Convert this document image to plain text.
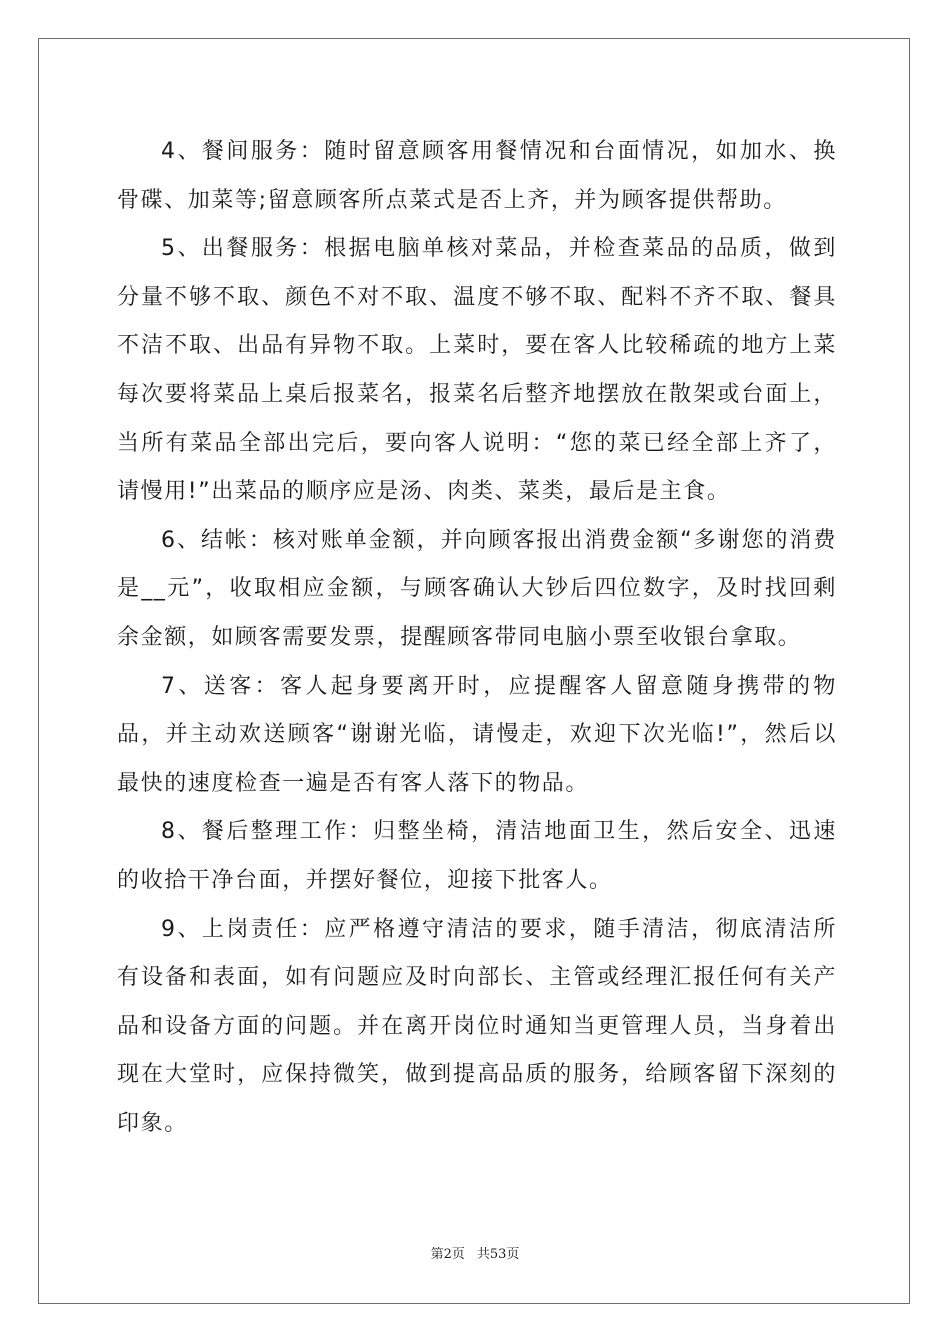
4、餐间服务：随时留意顾客用餐情况和台面情况，如加水、换骨碟、加菜等;留意顾客所点菜式是否上齐，并为顾客提供帮助。

5、出餐服务：根据电脑单核对菜品，并检查菜品的品质，做到分量不够不取、颜色不对不取、温度不够不取、配料不齐不取、餐具不洁不取、出品有异物不取。上菜时，要在客人比较稀疏的地方上菜每次要将菜品上桌后报菜名，报菜名后整齐地摆放在散架或台面上，当所有菜品全部出完后，要向客人说明：“您的菜已经全部上齐了，请慢用!”出菜品的顺序应是汤、肉类、菜类，最后是主食。

6、结帐：核对账单金额，并向顾客报出消费金额“多谢您的消费是__元”，收取相应金额，与顾客确认大钞后四位数字，及时找回剩余金额，如顾客需要发票，提醒顾客带同电脑小票至收银台拿取。

7、送客：客人起身要离开时，应提醒客人留意随身携带的物品，并主动欢送顾客“谢谢光临，请慢走，欢迎下次光临!”，然后以最快的速度检查一遍是否有客人落下的物品。

8、餐后整理工作：归整坐椅，清洁地面卫生，然后安全、迅速的收拾干净台面，并摆好餐位，迎接下批客人。

9、上岗责任：应严格遵守清洁的要求，随手清洁，彻底清洁所有设备和表面，如有问题应及时向部长、主管或经理汇报任何有关产品和设备方面的问题。并在离开岗位时通知当更管理人员，当身着出现在大堂时，应保持微笑，做到提高品质的服务，给顾客留下深刻的印象。

第2页 共53页
